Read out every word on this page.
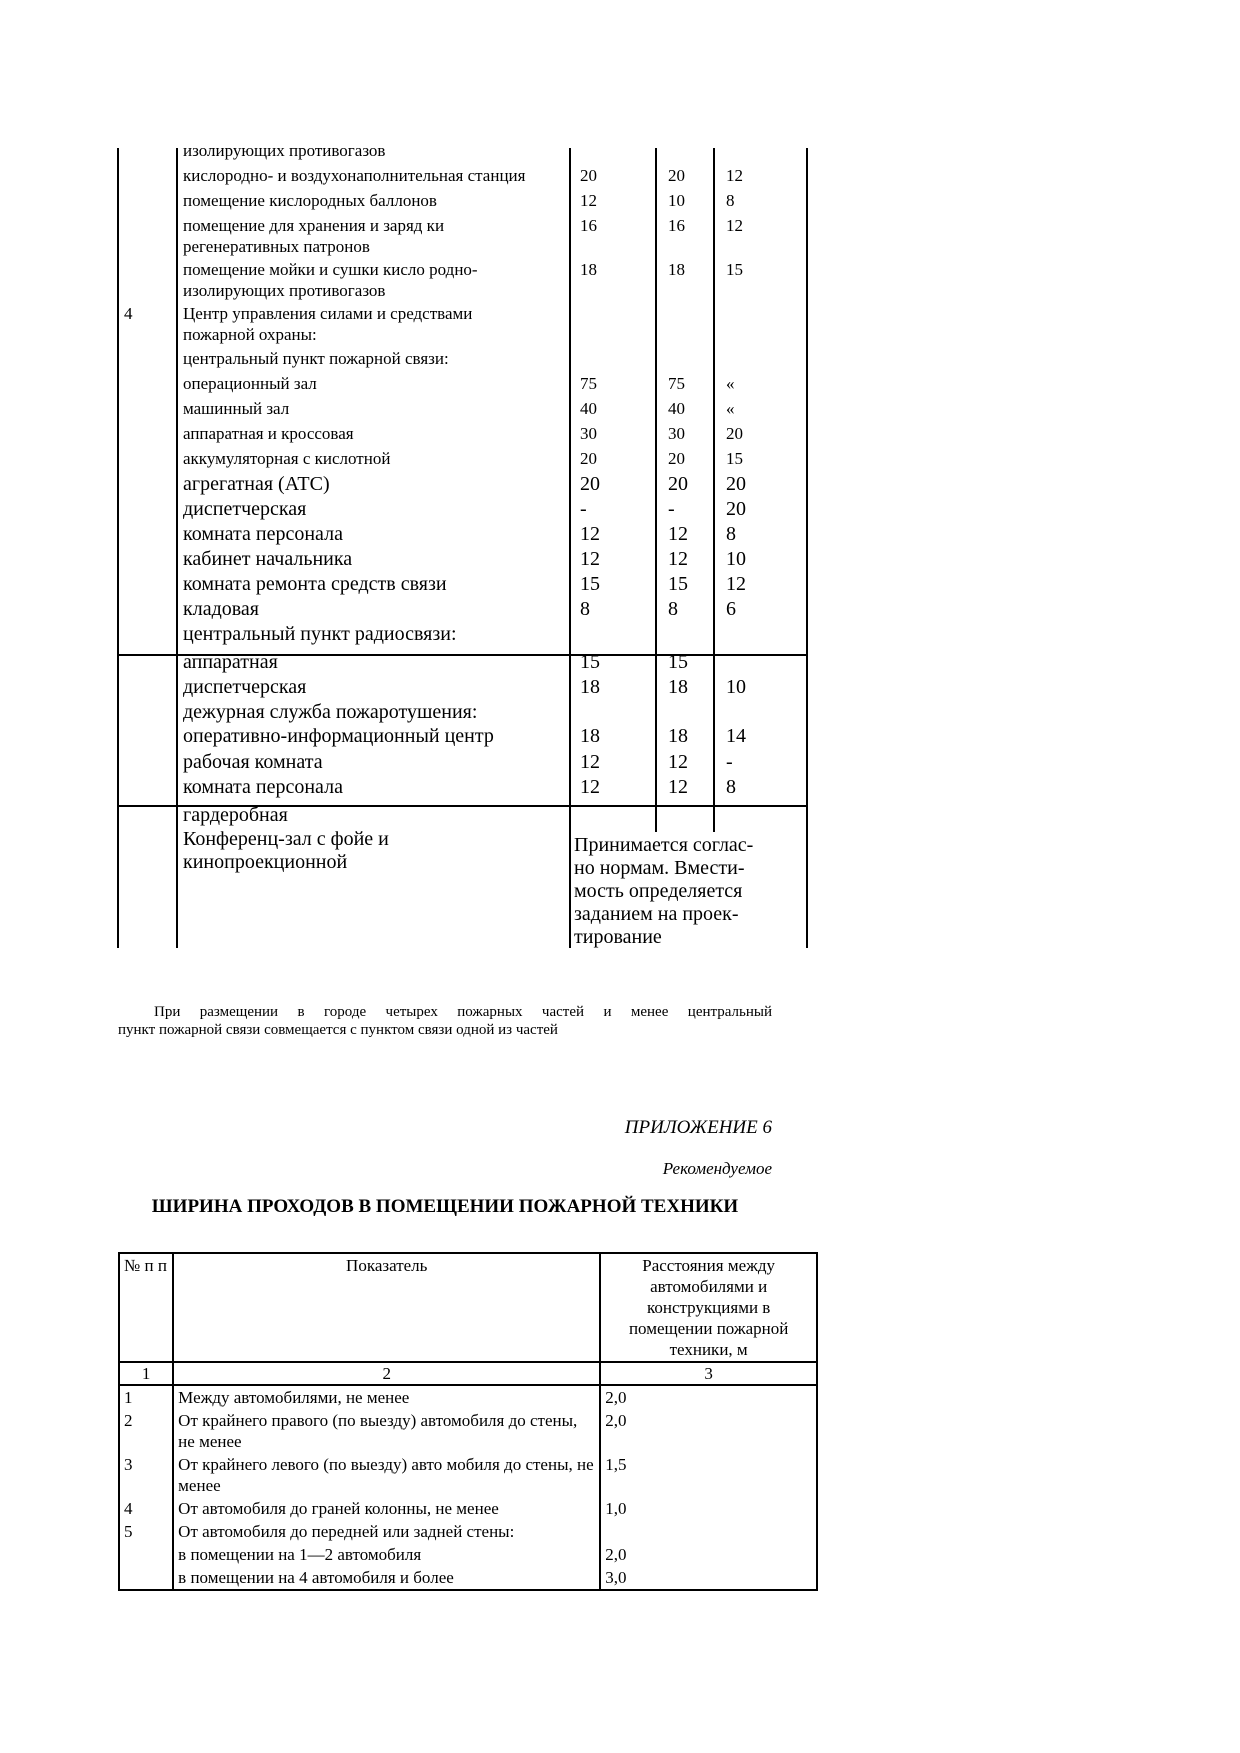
изолирующих противогазов
кислородно- и воздухонаполнительная станция	20	20 12
помещение кислородных баллонов	12	10 8
помещение для хранения и заряд ки	16	16 12
регенеративных патронов
помещение мойки и сушки кисло родно-	18	18 15
изолирующих противогазов
4	Центр управления силами и средствами
пожарной охраны:
центральный пункт пожарной связи:
операционный зал	75	75 «
машинный зал	40	40 «
аппаратная и кроссовая	30	30 20
аккумуляторная с кислотной	20	20 15
агрегатная (АТС)	20	20 20
диспетчерская	-	-	20
комната персонала	12	12 8
кабинет начальника	12	12 10
комната ремонта средств связи	15	15 12
кладовая	8	8 6
центральный пункт радиосвязи:
аппаратная	15	15
диспетчерская	18	18 10
дежурная служба пожаротушения:
оперативно-информационный центр	18	18 14
рабочая комната	12	12 -
комната персонала	12	12 8
гардеробная
Конференц-зал с фойе и
кинопроекционной
Принимается соглас-
но нормам. Вмести-
мость определяется
заданием на проек-
тирование

При размещении в городе четырех пожарных частей и менее центральный

пункт пожарной связи совмещается с пунктом связи одной из частей

ПРИЛОЖЕНИЕ 6
Рекомендуемое
ШИРИНА ПРОХОДОВ В ПОМЕЩЕНИИ ПОЖАРНОЙ ТЕХНИКИ
№ п п	Показатель	Расстояния между автомобилями и конструкциями в помещении пожарной техники, м
1	2	3
1	Между автомобилями, не менее	2,0
2	От крайнего правого (по выезду) автомобиля до стены, не менее	2,0
3	От крайнего левого (по выезду) авто мобиля до стены, не менее	1,5
4	От автомобиля до граней колонны, не менее	1,0
5	От автомобиля до передней или задней стены:	
	в помещении на 1—2 автомобиля	2,0
	в помещении на 4 автомобиля и более	3,0
